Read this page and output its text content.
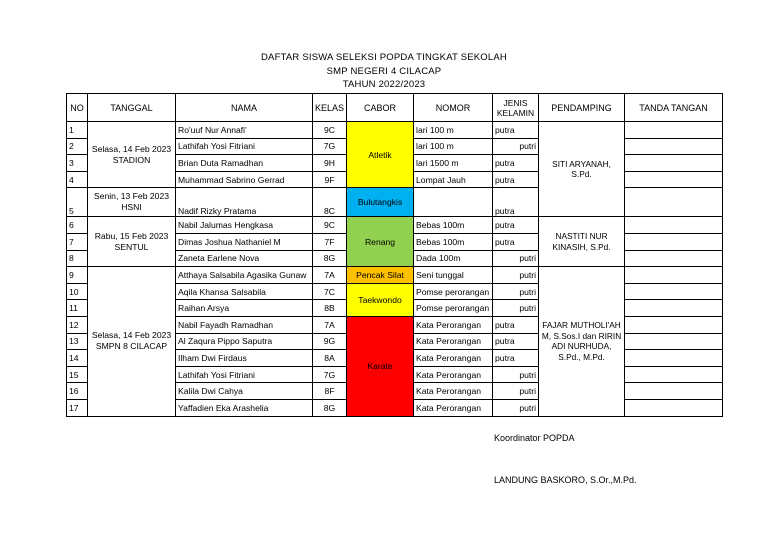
DAFTAR SISWA SELEKSI POPDA TINGKAT SEKOLAH
SMP NEGERI 4 CILACAP
TAHUN 2022/2023
NO	TANGGAL	NAMA	KELAS	CABOR	NOMOR	JENIS KELAMIN	PENDAMPING	TANDA TANGAN
1	Selasa, 14 Feb 2023 STADION	Ro'uuf Nur Annafi'	9C	Atletik	lari 100 m	putra	SITI ARYANAH, S.Pd.	
2		Lathifah Yosi Fitriani	7G		lari 100 m	putri		
3		Brian Duta Ramadhan	9H		lari 1500 m	putra		
4		Muhammad Sabrino Gerrad	9F		Lompat Jauh	putra		
5	Senin, 13 Feb 2023 HSNI	Nadif Rizky Pratama	8C	Bulutangkis		putra		
6	Rabu, 15 Feb 2023 SENTUL	Nabil Jalumas Hengkasa	9C	Renang	Bebas 100m	putra	NASTITI NUR KINASIH, S.Pd.	
7		Dimas Joshua Nathaniel M	7F		Bebas 100m	putra		
8		Zaneta Earlene Nova	8G		Dada 100m	putri		
9	Selasa, 14 Feb 2023 SMPN 8 CILACAP	Atthaya Salsabila Agasika Gunaw	7A	Pencak Silat	Seni tunggal	putri	FAJAR MUTHOLI'AH M, S.Sos.I dan RIRIN ADI NURHUDA, S.Pd., M.Pd.	
10		Aqila Khansa Salsabila	7C	Taekwondo	Pomse perorangan	putri		
11		Raihan Arsya	8B		Pomse perorangan	putri		
12		Nabil Fayadh Ramadhan	7A	Karate	Kata Perorangan	putra		
13		Al Zaqura Pippo Saputra	9G		Kata Perorangan	putra		
14		Ilham Dwi Firdaus	8A		Kata Perorangan	putra		
15		Lathifah Yosi Fitriani	7G		Kata Perorangan	putri		
16		Kalila Dwi Cahya	8F		Kata Perorangan	putri		
17		Yaffadien Eka Arashelia	8G		Kata Perorangan	putri		
Koordinator POPDA
LANDUNG BASKORO, S.Or.,M.Pd.
